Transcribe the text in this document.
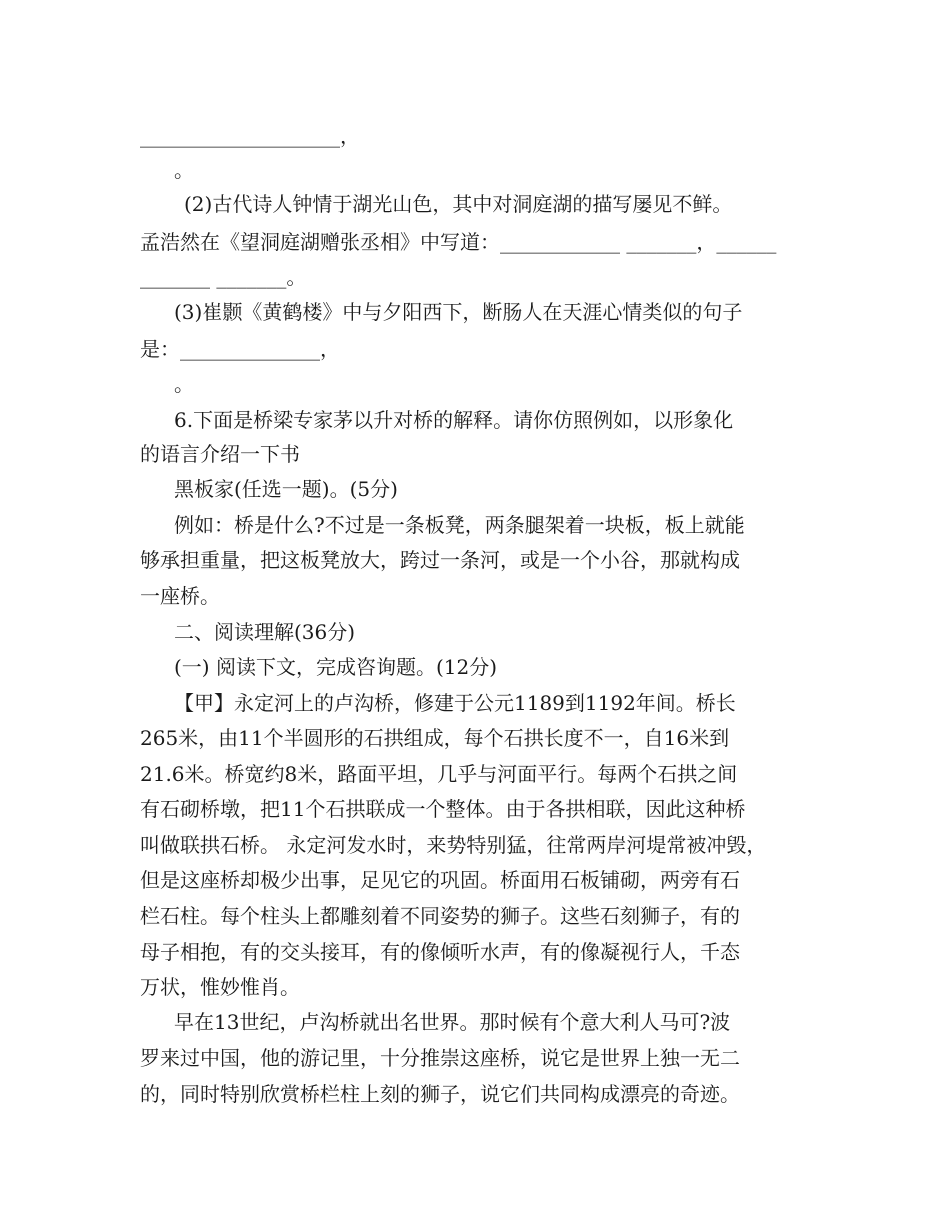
____________________，
。
(2)古代诗人钟情于湖光山色，其中对洞庭湖的描写屡见不鲜。
孟浩然在《望洞庭湖赠张丞相》中写道：____________ _______，______
_______ _______。
(3)崔颢《黄鹤楼》中与夕阳西下，断肠人在天涯心情类似的句子
是：______________，
。
6.下面是桥梁专家茅以升对桥的解释。请你仿照例如，以形象化
的语言介绍一下书
黑板家(任选一题)。(5分)
例如：桥是什么?不过是一条板凳，两条腿架着一块板，板上就能
够承担重量，把这板凳放大，跨过一条河，或是一个小谷，那就构成
一座桥。
二、阅读理解(36分)
(一) 阅读下文，完成咨询题。(12分)
【甲】永定河上的卢沟桥，修建于公元1189到1192年间。桥长
265米，由11个半圆形的石拱组成，每个石拱长度不一，自16米到
21.6米。桥宽约8米，路面平坦，几乎与河面平行。每两个石拱之间
有石砌桥墩，把11个石拱联成一个整体。由于各拱相联，因此这种桥
叫做联拱石桥。 永定河发水时，来势特别猛，往常两岸河堤常被冲毁，
但是这座桥却极少出事，足见它的巩固。桥面用石板铺砌，两旁有石
栏石柱。每个柱头上都雕刻着不同姿势的狮子。这些石刻狮子，有的
母子相抱，有的交头接耳，有的像倾听水声，有的像凝视行人，千态
万状，惟妙惟肖。
早在13世纪，卢沟桥就出名世界。那时候有个意大利人马可?波
罗来过中国，他的游记里，十分推崇这座桥，说它是世界上独一无二
的，同时特别欣赏桥栏柱上刻的狮子，说它们共同构成漂亮的奇迹。
